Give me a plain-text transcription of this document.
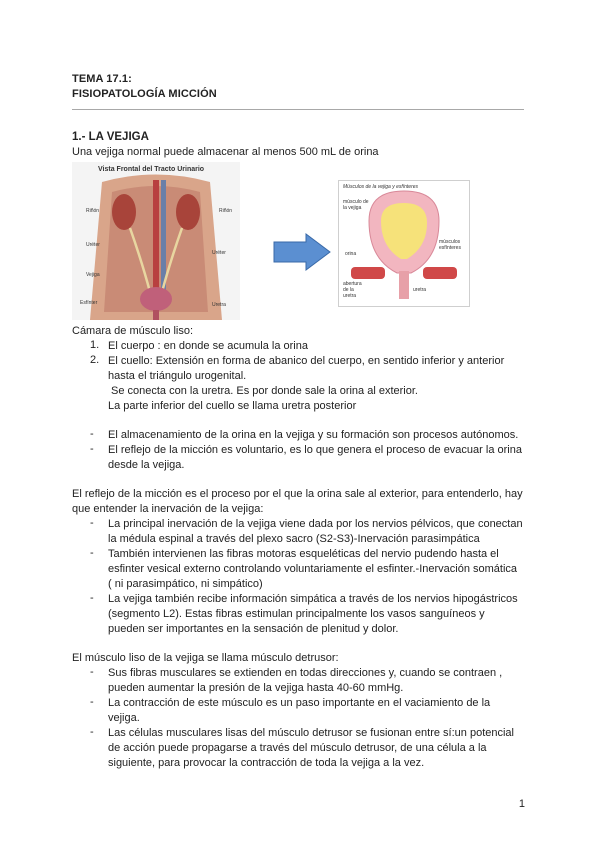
TEMA 17.1:
FISIOPATOLOGÍA MICCIÓN
1.- LA VEJIGA
Una vejiga normal puede almacenar al menos 500 mL de orina
Vista Frontal del Tracto Urinario
Riñón	Riñón
Uréter
Uréter
Vejiga
Esfínter	Uretra
Músculos de la vejiga y esfínteres
músculo de la vejiga
orina
músculos esfínteres
abertura de la uretra
uretra
Cámara de músculo liso:
1. El cuerpo : en donde se acumula la orina
2. El cuello: Extensión en forma de abanico del cuerpo, en sentido inferior y anterior
hasta el triángulo urogenital.
Se conecta con la uretra. Es por donde sale la orina al exterior.
La parte inferior del cuello se llama uretra posterior
- El almacenamiento de la orina en la vejiga y su formación son procesos autónomos.
- El reflejo de la micción es voluntario, es lo que genera el proceso de evacuar la orina
desde la vejiga.
El reflejo de la micción es el proceso por el que la orina sale al exterior, para entenderlo, hay
que entender la inervación de la vejiga:
- La principal inervación de la vejiga viene dada por los nervios pélvicos, que conectan
la médula espinal a través del plexo sacro (S2-S3)-Inervación parasimpática
- También intervienen las fibras motoras esqueléticas del nervio pudendo hasta el
esfinter vesical externo controlando voluntariamente el esfinter.-Inervación somática
( ni parasimpático, ni simpático)
- La vejiga también recibe información simpática a través de los nervios hipogástricos
(segmento L2). Estas fibras estimulan principalmente los vasos sanguíneos y
pueden ser importantes en la sensación de plenitud y dolor.
El músculo liso de la vejiga se llama músculo detrusor:
- Sus fibras musculares se extienden en todas direcciones y, cuando se contraen ,
pueden aumentar la presión de la vejiga hasta 40-60 mmHg.
- La contracción de este músculo es un paso importante en el vaciamiento de la
vejiga.
- Las células musculares lisas del músculo detrusor se fusionan entre sí:un potencial
de acción puede propagarse a través del músculo detrusor, de una célula a la
siguiente, para provocar la contracción de toda la vejiga a la vez.
1
